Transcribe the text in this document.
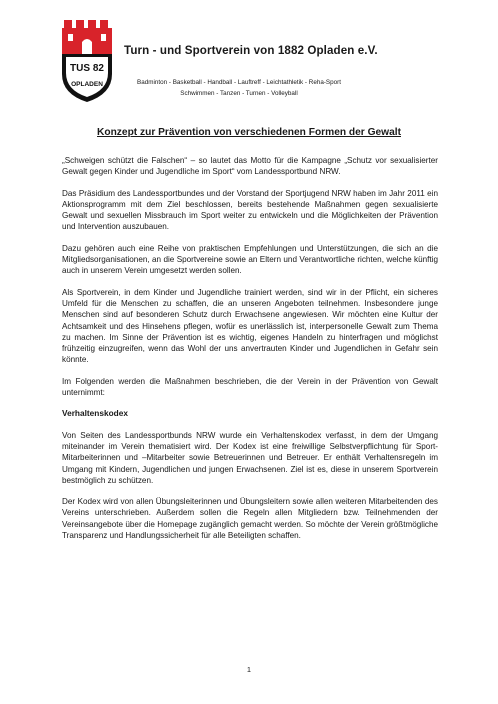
TUS 82
OPLADEN
Turn - und Sportverein von 1882 Opladen e.V.
Badminton - Basketball - Handball - Lauftreff - Leichtathletik - Reha-Sport
Schwimmen - Tanzen - Turnen - Volleyball
Konzept zur Prävention von verschiedenen Formen der Gewalt

„Schweigen schützt die Falschen“ – so lautet das Motto für die Kampagne „Schutz vor sexualisierter Gewalt gegen Kinder und Jugendliche im Sport“ vom Landessportbund NRW.

Das Präsidium des Landessportbundes und der Vorstand der Sportjugend NRW haben im Jahr 2011 ein Aktionsprogramm mit dem Ziel beschlossen, bereits bestehende Maßnahmen gegen sexualisierte Gewalt und sexuellen Missbrauch im Sport weiter zu entwickeln und die Möglichkeiten der Prävention und Intervention auszubauen.

Dazu gehören auch eine Reihe von praktischen Empfehlungen und Unterstützungen, die sich an die Mitgliedsorganisationen, an die Sportvereine sowie an Eltern und Verantwortliche richten, welche künftig auch in unserem Verein umgesetzt werden sollen.

Als Sportverein, in dem Kinder und Jugendliche trainiert werden, sind wir in der Pflicht, ein sicheres Umfeld für die Menschen zu schaffen, die an unseren Angeboten teilnehmen. Insbesondere junge Menschen sind auf besonderen Schutz durch Erwachsene angewiesen. Wir möchten eine Kultur der Achtsamkeit und des Hinsehens pflegen, wofür es unerlässlich ist, interpersonelle Gewalt zum Thema zu machen. Im Sinne der Prävention ist es wichtig, eigenes Handeln zu hinterfragen und möglichst frühzeitig einzugreifen, wenn das Wohl der uns anvertrauten Kinder und Jugendlichen in Gefahr sein könnte.

Im Folgenden werden die Maßnahmen beschrieben, die der Verein in der Prävention von Gewalt unternimmt:

Verhaltenskodex

Von Seiten des Landessportbunds NRW wurde ein Verhaltenskodex verfasst, in dem der Umgang miteinander im Verein thematisiert wird. Der Kodex ist eine freiwillige Selbstverpflichtung für Sport-Mitarbeiterinnen und –Mitarbeiter sowie Betreuerinnen und Betreuer. Er enthält Verhaltensregeln im Umgang mit Kindern, Jugendlichen und jungen Erwachsenen. Ziel ist es, diese in unserem Sportverein bestmöglich zu schützen.

Der Kodex wird von allen Übungsleiterinnen und Übungsleitern sowie allen weiteren Mitarbeitenden des Vereins unterschrieben. Außerdem sollen die Regeln allen Mitgliedern bzw. Teilnehmenden der Vereinsangebote über die Homepage zugänglich gemacht werden. So möchte der Verein größtmögliche Transparenz und Handlungssicherheit für alle Beteiligten schaffen.

1
